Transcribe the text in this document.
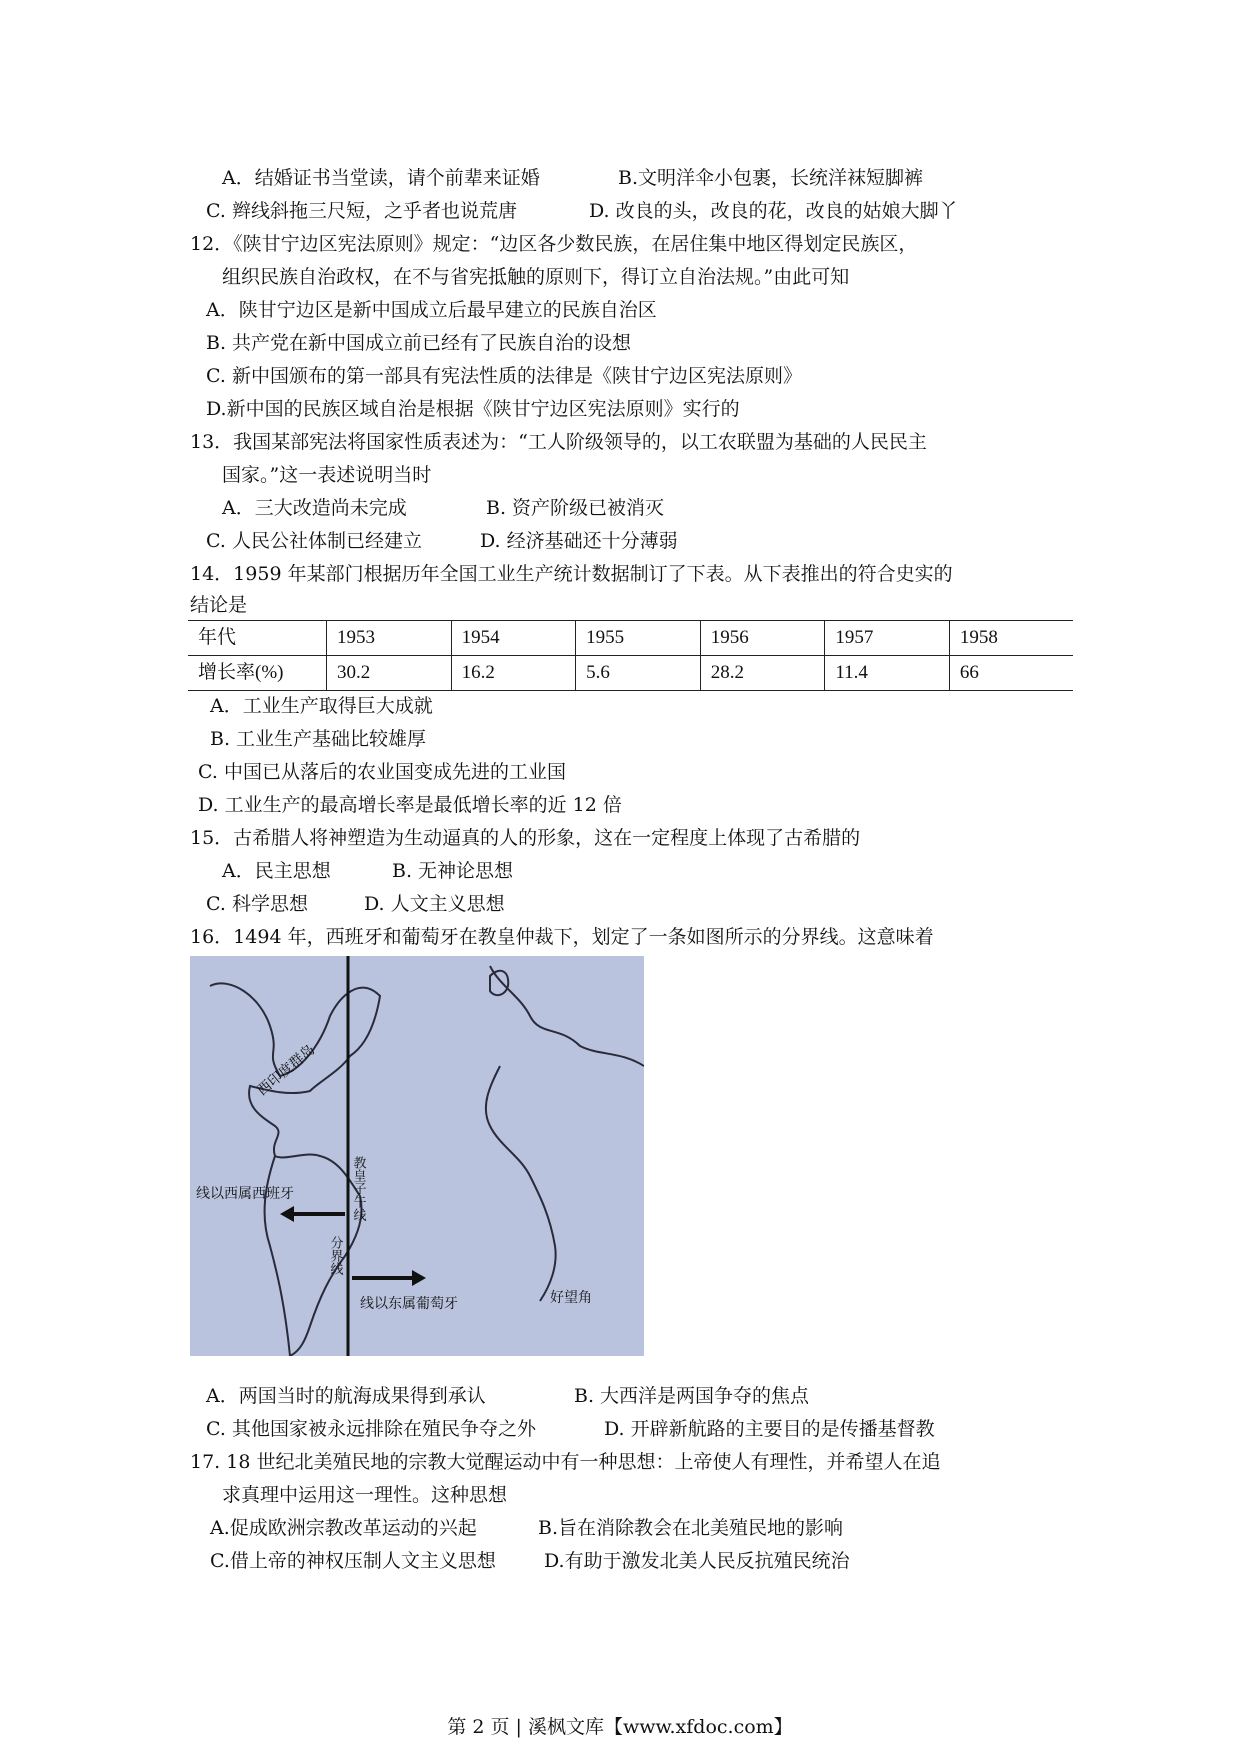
A．结婚证书当堂读，请个前辈来证婚	B.文明洋伞小包裹，长统洋袜短脚裤
C. 辫线斜拖三尺短，之乎者也说荒唐	D. 改良的头，改良的花，改良的姑娘大脚丫
12．《陕甘宁边区宪法原则》规定：“边区各少数民族，在居住集中地区得划定民族区，
组织民族自治政权，在不与省宪抵触的原则下，得订立自治法规。”由此可知
A．陕甘宁边区是新中国成立后最早建立的民族自治区
B. 共产党在新中国成立前已经有了民族自治的设想
C. 新中国颁布的第一部具有宪法性质的法律是《陕甘宁边区宪法原则》
D.新中国的民族区域自治是根据《陕甘宁边区宪法原则》实行的
13．我国某部宪法将国家性质表述为：“工人阶级领导的，以工农联盟为基础的人民民主
国家。”这一表述说明当时
A．三大改造尚未完成	B. 资产阶级已被消灭
C. 人民公社体制已经建立	D. 经济基础还十分薄弱
14．1959 年某部门根据历年全国工业生产统计数据制订了下表。从下表推出的符合史实的
结论是
年代	1953	1954	1955	1956	1957	1958
增长率(%)	30.2	16.2	5.6	28.2	11.4	66
A．工业生产取得巨大成就
B. 工业生产基础比较雄厚
C. 中国已从落后的农业国变成先进的工业国
D. 工业生产的最高增长率是最低增长率的近 12 倍
15．古希腊人将神塑造为生动逼真的人的形象，这在一定程度上体现了古希腊的
A．民主思想	B. 无神论思想
C. 科学思想	D. 人文主义思想
16．1494 年，西班牙和葡萄牙在教皇仲裁下，划定了一条如图所示的分界线。这意味着
西印度群岛
线以西属西班牙	教皇子午线
分界线
线以东属葡萄牙	好望角
A．两国当时的航海成果得到承认	B. 大西洋是两国争夺的焦点
C. 其他国家被永远排除在殖民争夺之外	D. 开辟新航路的主要目的是传播基督教
17. 18 世纪北美殖民地的宗教大觉醒运动中有一种思想：上帝使人有理性，并希望人在追
求真理中运用这一理性。这种思想
A.促成欧洲宗教改革运动的兴起	B.旨在消除教会在北美殖民地的影响
C.借上帝的神权压制人文主义思想	D.有助于激发北美人民反抗殖民统治
第 2 页 | 溪枫文库【www.xfdoc.com】
